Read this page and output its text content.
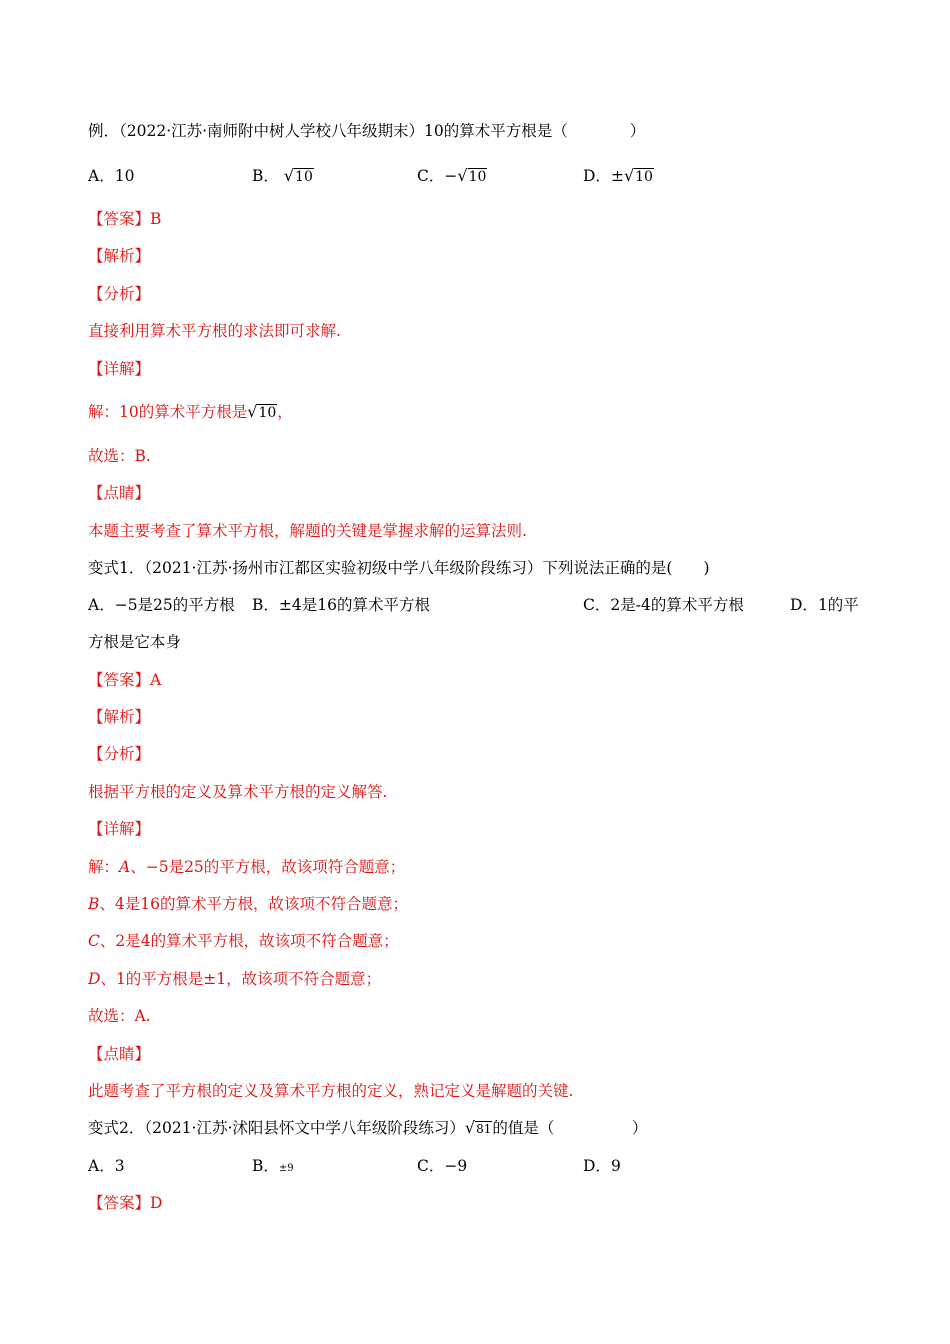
例．（2022·江苏·南师附中树人学校八年级期末）10的算术平方根是（　　　　）
A．10	B． √10	C．−√10	D．±√10
【答案】B
【解析】
【分析】
直接利用算术平方根的求法即可求解.
【详解】
解：10的算术平方根是√10，
故选：B.
【点睛】
本题主要考查了算术平方根，解题的关键是掌握求解的运算法则.
变式1．（2021·江苏·扬州市江都区实验初级中学八年级阶段练习）下列说法正确的是(　　)
A．−5是25的平方根 B．±4是16的算术平方根	C．2是-4的算术平方根	D．1的平
方根是它本身
【答案】A
【解析】
【分析】
根据平方根的定义及算术平方根的定义解答.
【详解】
解：A、−5是25的平方根，故该项符合题意；
B、4是16的算术平方根，故该项不符合题意；
C、2是4的算术平方根，故该项不符合题意；
D、1的平方根是±1，故该项不符合题意；
故选：A.
【点睛】
此题考查了平方根的定义及算术平方根的定义，熟记定义是解题的关键.
变式2．（2021·江苏·沭阳县怀文中学八年级阶段练习）√81的值是（　　　　　）
A．3	B．±9	C．−9	D．9
【答案】D
